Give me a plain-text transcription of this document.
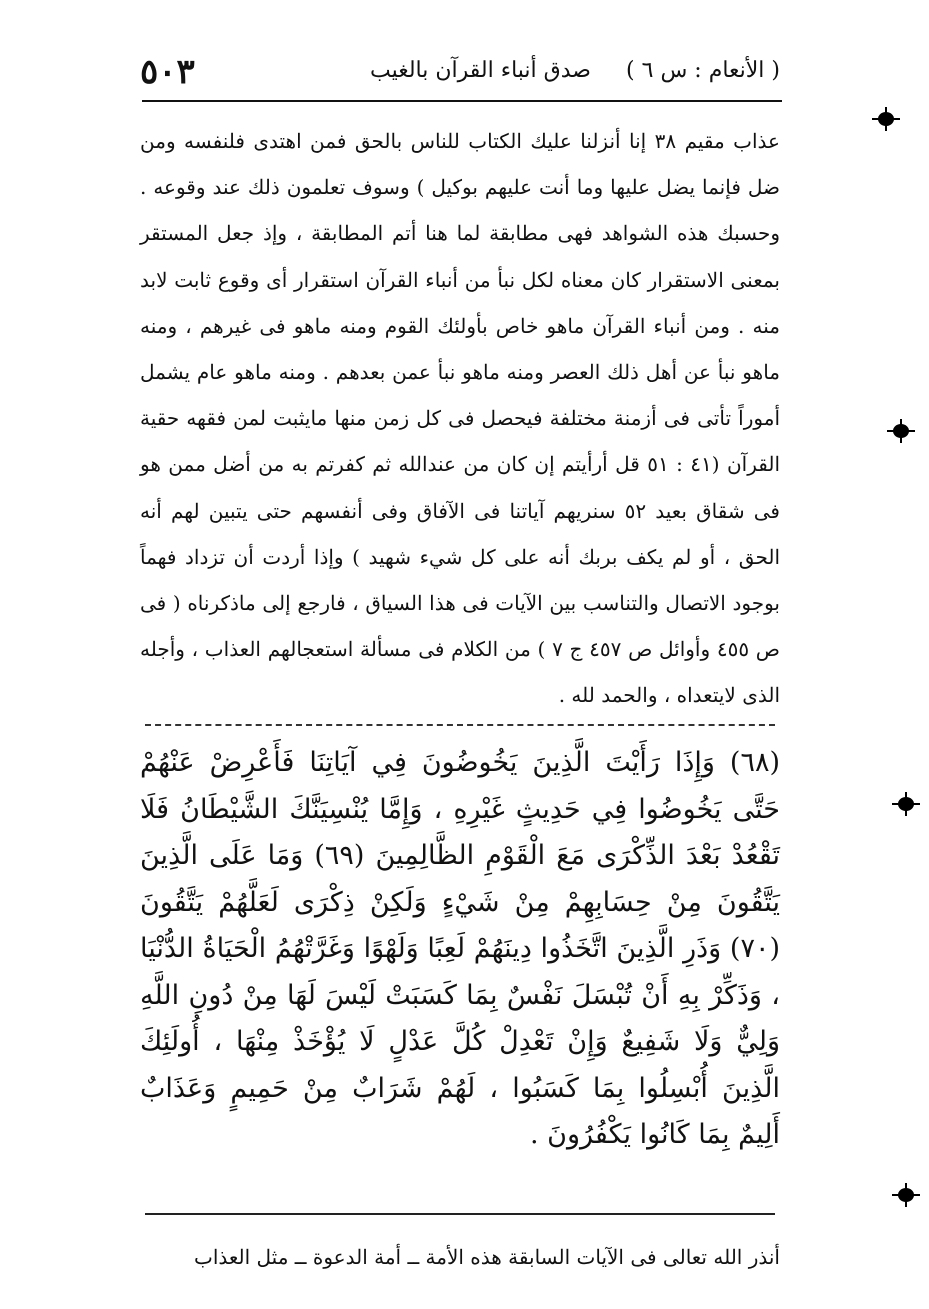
( الأنعام : س ٦ )
صدق أنباء القرآن بالغيب
٥٠٣
عذاب مقيم ٣٨ إنا أنزلنا عليك الكتاب للناس بالحق فمن اهتدى فلنفسه ومن ضل فإنما يضل عليها وما أنت عليهم بوكيل ) وسوف تعلمون ذلك عند وقوعه . وحسبك هذه الشواهد فهى مطابقة لما هنا أتم المطابقة ، وإذ جعل المستقر بمعنى الاستقرار كان معناه لكل نبأ من أنباء القرآن استقرار أى وقوع ثابت لابد منه . ومن أنباء القرآن ماهو خاص بأولئك القوم ومنه ماهو فى غيرهم ، ومنه ماهو نبأ عن أهل ذلك العصر ومنه ماهو نبأ عمن بعدهم . ومنه ماهو عام يشمل أموراً تأتى فى أزمنة مختلفة فيحصل فى كل زمن منها مايثبت لمن فقهه حقية القرآن (٤١ : ٥١ قل أرأيتم إن كان من عندالله ثم كفرتم به من أضل ممن هو فى شقاق بعيد ٥٢ سنريهم آياتنا فى الآفاق وفى أنفسهم حتى يتبين لهم أنه الحق ، أو لم يكف بربك أنه على كل شيء شهيد ) وإذا أردت أن تزداد فهماً بوجود الاتصال والتناسب بين الآيات فى هذا السياق ، فارجع إلى ماذكرناه ( فى ص ٤٥٥ وأوائل ص ٤٥٧ ج ٧ ) من الكلام فى مسألة استعجالهم العذاب ، وأجله الذى لايتعداه ، والحمد لله .
(٦٨) وَإِذَا رَأَيْتَ الَّذِينَ يَخُوضُونَ فِي آيَاتِنَا فَأَعْرِضْ عَنْهُمْ حَتَّى يَخُوضُوا فِي حَدِيثٍ غَيْرِهِ ، وَإِمَّا يُنْسِيَنَّكَ الشَّيْطَانُ فَلَا تَقْعُدْ بَعْدَ الذِّكْرَى مَعَ الْقَوْمِ الظَّالِمِينَ (٦٩) وَمَا عَلَى الَّذِينَ يَتَّقُونَ مِنْ حِسَابِهِمْ مِنْ شَيْءٍ وَلَكِنْ ذِكْرَى لَعَلَّهُمْ يَتَّقُونَ (٧٠) وَذَرِ الَّذِينَ اتَّخَذُوا دِينَهُمْ لَعِبًا وَلَهْوًا وَغَرَّتْهُمُ الْحَيَاةُ الدُّنْيَا ، وَذَكِّرْ بِهِ أَنْ تُبْسَلَ نَفْسٌ بِمَا كَسَبَتْ لَيْسَ لَهَا مِنْ دُونِ اللَّهِ وَلِيٌّ وَلَا شَفِيعٌ وَإِنْ تَعْدِلْ كُلَّ عَدْلٍ لَا يُؤْخَذْ مِنْهَا ، أُولَئِكَ الَّذِينَ أُبْسِلُوا بِمَا كَسَبُوا ، لَهُمْ شَرَابٌ مِنْ حَمِيمٍ وَعَذَابٌ أَلِيمٌ بِمَا كَانُوا يَكْفُرُونَ .
أنذر الله تعالى فى الآيات السابقة هذه الأمة ــ أمة الدعوة ــ مثل العذاب
